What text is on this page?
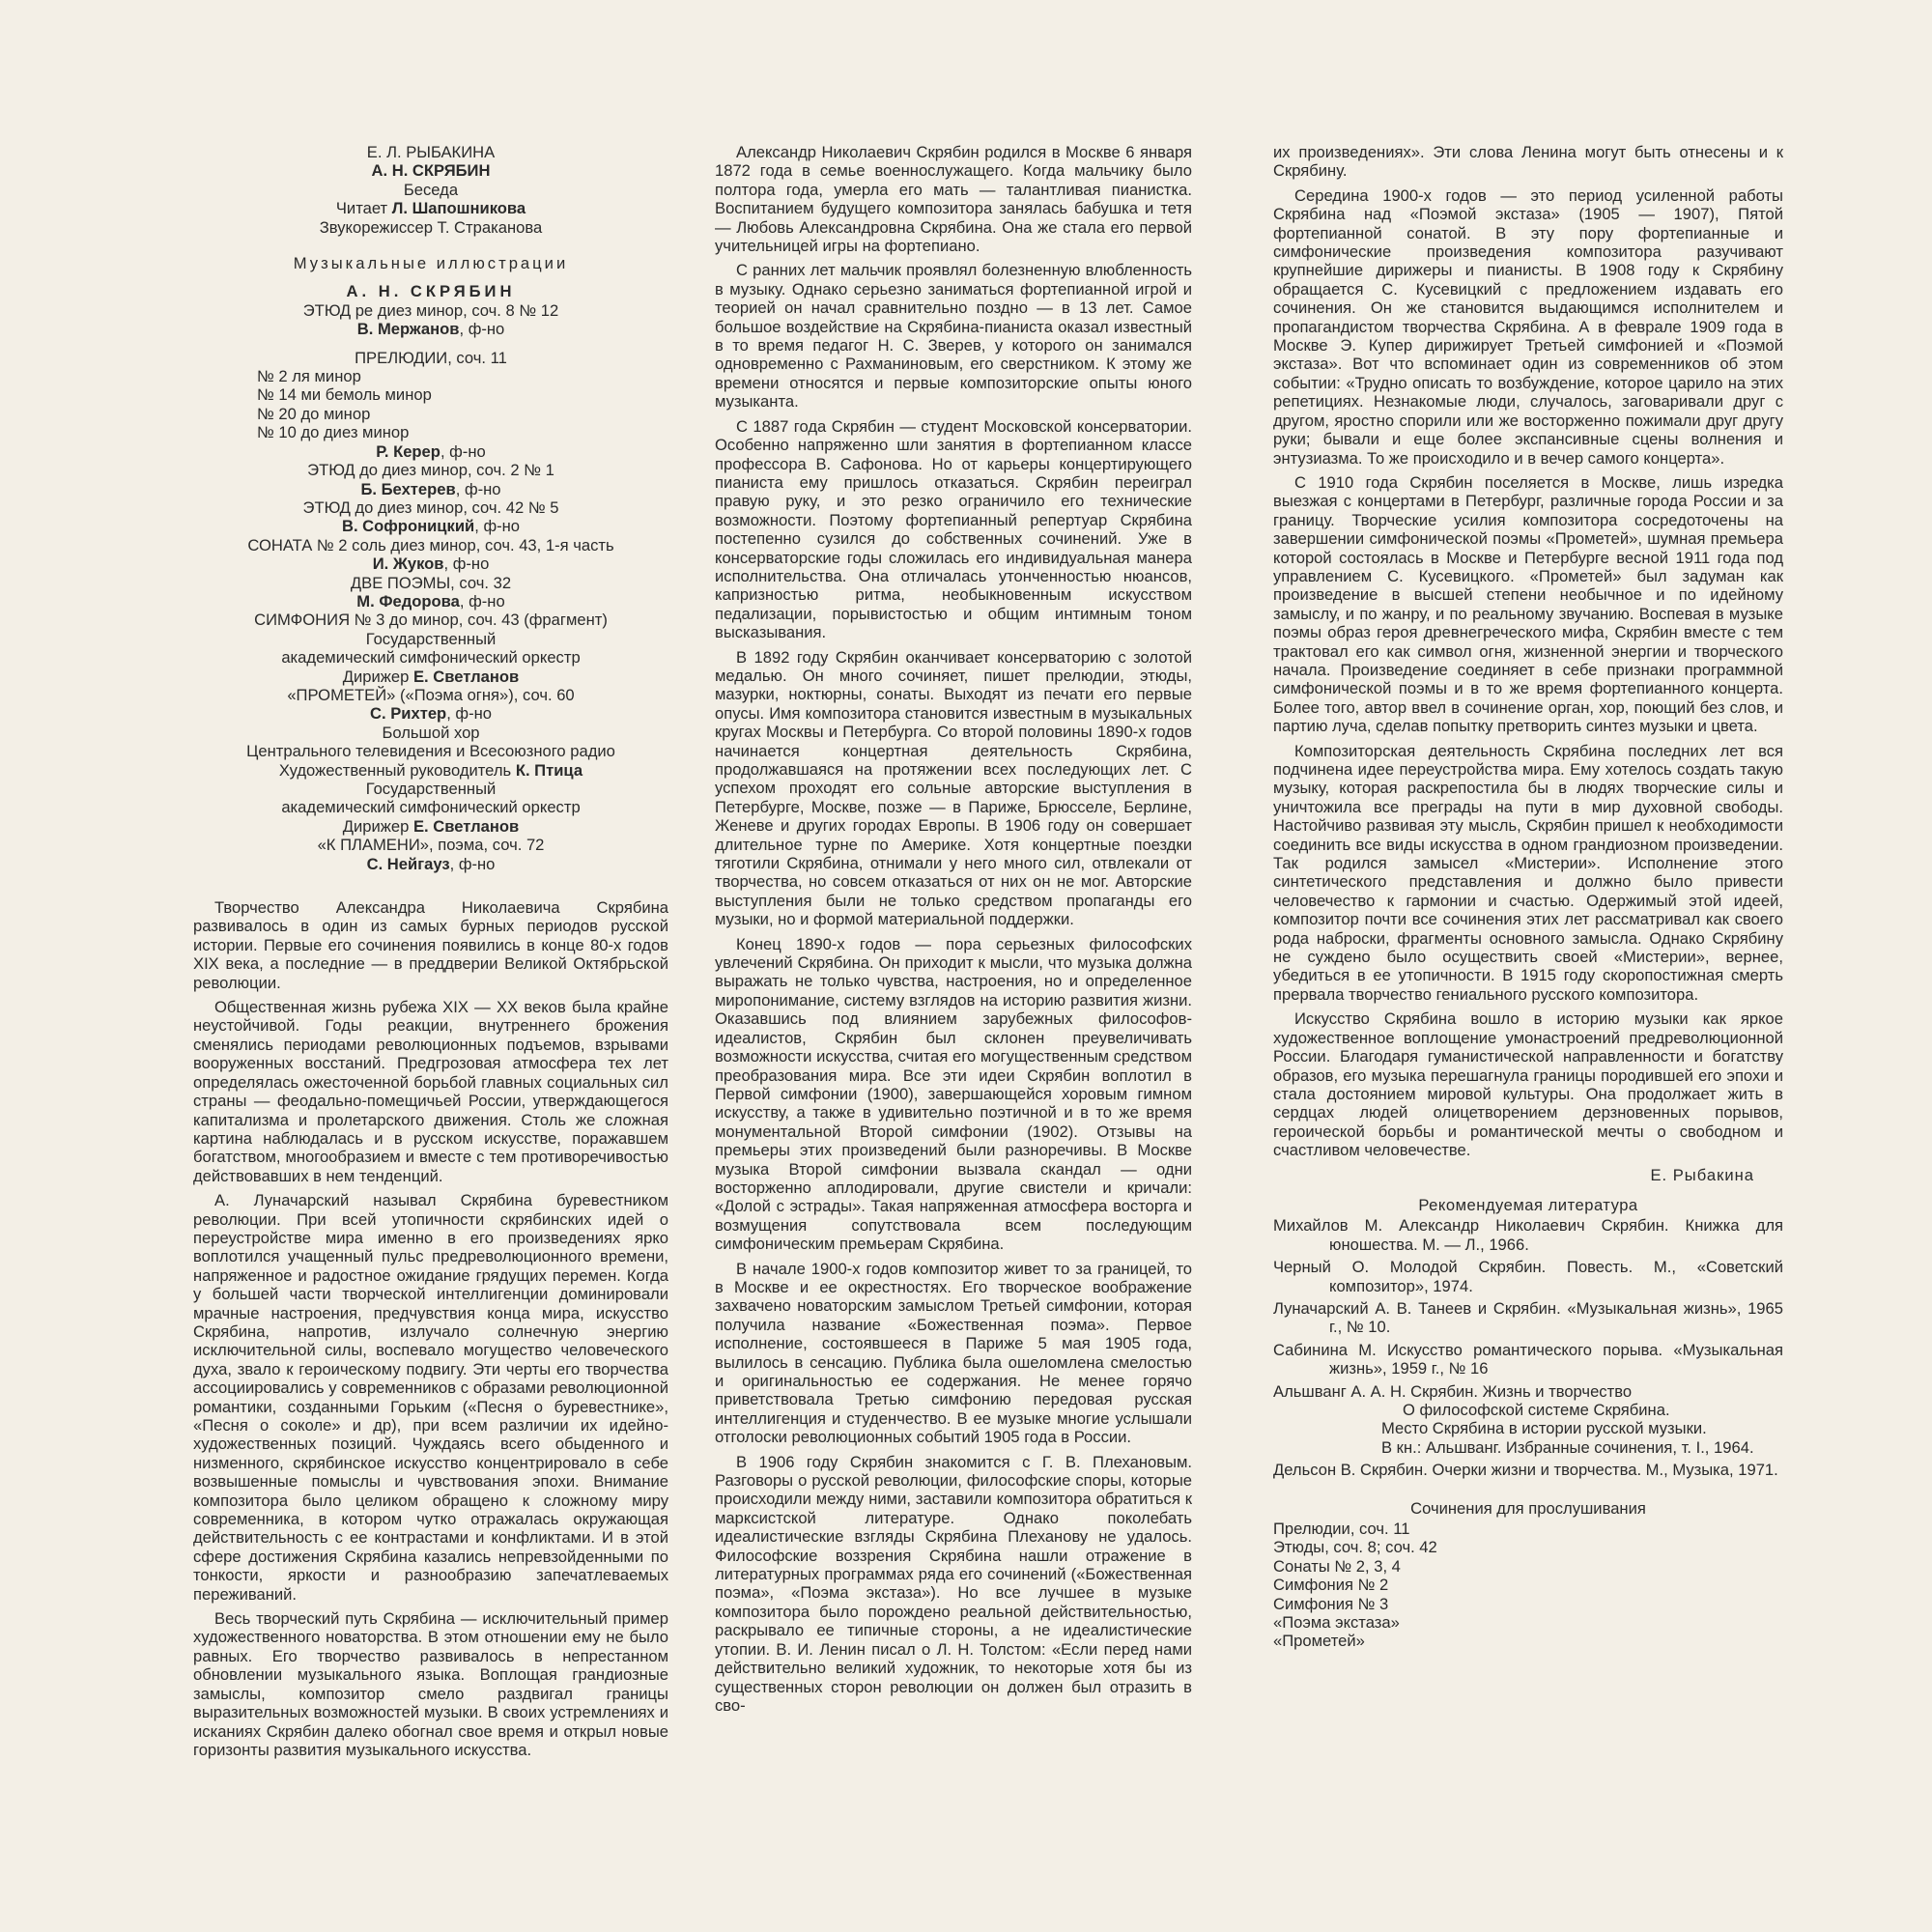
Е. Л. РЫБАКИНА
А. Н. СКРЯБИН
Беседа
Читает Л. Шапошникова
Звукорежиссер Т. Страканова
Музыкальные иллюстрации
А. Н. СКРЯБИН
ЭТЮД ре диез минор, соч. 8 № 12
В. Мержанов, ф-но
ПРЕЛЮДИИ, соч. 11
№ 2 ля минор
№ 14 ми бемоль минор
№ 20 до минор
№ 10 до диез минор
Р. Керер, ф-но
ЭТЮД до диез минор, соч. 2 № 1
Б. Бехтерев, ф-но
ЭТЮД до диез минор, соч. 42 № 5
В. Софроницкий, ф-но
СОНАТА № 2 соль диез минор, соч. 43, 1-я часть
И. Жуков, ф-но
ДВЕ ПОЭМЫ, соч. 32
М. Федорова, ф-но
СИМФОНИЯ № 3 до минор, соч. 43 (фрагмент)
Государственный
академический симфонический оркестр
Дирижер Е. Светланов
«ПРОМЕТЕЙ» («Поэма огня»), соч. 60
С. Рихтер, ф-но
Большой хор
Центрального телевидения и Всесоюзного радио
Художественный руководитель К. Птица
Государственный
академический симфонический оркестр
Дирижер Е. Светланов
«К ПЛАМЕНИ», поэма, соч. 72
С. Нейгауз, ф-но

Творчество Александра Николаевича Скрябина развивалось в один из самых бурных периодов русской истории. Первые его сочинения появились в конце 80-х годов XIX века, а последние — в преддверии Великой Октябрьской революции.

Общественная жизнь рубежа XIX — XX веков была крайне неустойчивой. Годы реакции, внутреннего брожения сменялись периодами революционных подъемов, взрывами вооруженных восстаний. Предгрозовая атмосфера тех лет определялась ожесточенной борьбой главных социальных сил страны — феодально-помещичьей России, утверждающегося капитализма и пролетарского движения. Столь же сложная картина наблюдалась и в русском искусстве, поражавшем богатством, многообразием и вместе с тем противоречивостью действовавших в нем тенденций.

А. Луначарский называл Скрябина буревестником революции. При всей утопичности скрябинских идей о переустройстве мира именно в его произведениях ярко воплотился учащенный пульс предреволюционного времени, напряженное и радостное ожидание грядущих перемен. Когда у большей части творческой интеллигенции доминировали мрачные настроения, предчувствия конца мира, искусство Скрябина, напротив, излучало солнечную энергию исключительной силы, воспевало могущество человеческого духа, звало к героическому подвигу. Эти черты его творчества ассоциировались у современников с образами революционной романтики, созданными Горьким («Песня о буревестнике», «Песня о соколе» и др), при всем различии их идейно-художественных позиций. Чуждаясь всего обыденного и низменного, скрябинское искусство концентрировало в себе возвышенные помыслы и чувствования эпохи. Внимание композитора было целиком обращено к сложному миру современника, в котором чутко отражалась окружающая действительность с ее контрастами и конфликтами. И в этой сфере достижения Скрябина казались непревзойденными по тонкости, яркости и разнообразию запечатлеваемых переживаний.

Весь творческий путь Скрябина — исключительный пример художественного новаторства. В этом отношении ему не было равных. Его творчество развивалось в непрестанном обновлении музыкального языка. Воплощая грандиозные замыслы, композитор смело раздвигал границы выразительных возможностей музыки. В своих устремлениях и исканиях Скрябин далеко обогнал свое время и открыл новые горизонты развития музыкального искусства.

Александр Николаевич Скрябин родился в Москве 6 января 1872 года в семье военнослужащего. Когда мальчику было полтора года, умерла его мать — талантливая пианистка. Воспитанием будущего композитора занялась бабушка и тетя — Любовь Александровна Скрябина. Она же стала его первой учительницей игры на фортепиано.

С ранних лет мальчик проявлял болезненную влюбленность в музыку. Однако серьезно заниматься фортепианной игрой и теорией он начал сравнительно поздно — в 13 лет. Самое большое воздействие на Скрябина-пианиста оказал известный в то время педагог Н. С. Зверев, у которого он занимался одновременно с Рахманиновым, его сверстником. К этому же времени относятся и первые композиторские опыты юного музыканта.

С 1887 года Скрябин — студент Московской консерватории. Особенно напряженно шли занятия в фортепианном классе профессора В. Сафонова. Но от карьеры концертирующего пианиста ему пришлось отказаться. Скрябин переиграл правую руку, и это резко ограничило его технические возможности. Поэтому фортепианный репертуар Скрябина постепенно сузился до собственных сочинений. Уже в консерваторские годы сложилась его индивидуальная манера исполнительства. Она отличалась утонченностью нюансов, капризностью ритма, необыкновенным искусством педализации, порывистостью и общим интимным тоном высказывания.

В 1892 году Скрябин оканчивает консерваторию с золотой медалью. Он много сочиняет, пишет прелюдии, этюды, мазурки, ноктюрны, сонаты. Выходят из печати его первые опусы. Имя композитора становится известным в музыкальных кругах Москвы и Петербурга. Со второй половины 1890-х годов начинается концертная деятельность Скрябина, продолжавшаяся на протяжении всех последующих лет. С успехом проходят его сольные авторские выступления в Петербурге, Москве, позже — в Париже, Брюсселе, Берлине, Женеве и других городах Европы. В 1906 году он совершает длительное турне по Америке. Хотя концертные поездки тяготили Скрябина, отнимали у него много сил, отвлекали от творчества, но совсем отказаться от них он не мог. Авторские выступления были не только средством пропаганды его музыки, но и формой материальной поддержки.

Конец 1890-х годов — пора серьезных философских увлечений Скрябина. Он приходит к мысли, что музыка должна выражать не только чувства, настроения, но и определенное миропонимание, систему взглядов на историю развития жизни. Оказавшись под влиянием зарубежных философов-идеалистов, Скрябин был склонен преувеличивать возможности искусства, считая его могущественным средством преобразования мира. Все эти идеи Скрябин воплотил в Первой симфонии (1900), завершающейся хоровым гимном искусству, а также в удивительно поэтичной и в то же время монументальной Второй симфонии (1902). Отзывы на премьеры этих произведений были разноречивы. В Москве музыка Второй симфонии вызвала скандал — одни восторженно аплодировали, другие свистели и кричали: «Долой с эстрады». Такая напряженная атмосфера восторга и возмущения сопутствовала всем последующим симфоническим премьерам Скрябина.

В начале 1900-х годов композитор живет то за границей, то в Москве и ее окрестностях. Его творческое воображение захвачено новаторским замыслом Третьей симфонии, которая получила название «Божественная поэма». Первое исполнение, состоявшееся в Париже 5 мая 1905 года, вылилось в сенсацию. Публика была ошеломлена смелостью и оригинальностью ее содержания. Не менее горячо приветствовала Третью симфонию передовая русская интеллигенция и студенчество. В ее музыке многие услышали отголоски революционных событий 1905 года в России.

В 1906 году Скрябин знакомится с Г. В. Плехановым. Разговоры о русской революции, философские споры, которые происходили между ними, заставили композитора обратиться к марксистской литературе. Однако поколебать идеалистические взгляды Скрябина Плеханову не удалось. Философские воззрения Скрябина нашли отражение в литературных программах ряда его сочинений («Божественная поэма», «Поэма экстаза»). Но все лучшее в музыке композитора было порождено реальной действительностью, раскрывало ее типичные стороны, а не идеалистические утопии. В. И. Ленин писал о Л. Н. Толстом: «Если перед нами действительно великий художник, то некоторые хотя бы из существенных сторон революции он должен был отразить в сво-

их произведениях». Эти слова Ленина могут быть отнесены и к Скрябину.

Середина 1900-х годов — это период усиленной работы Скрябина над «Поэмой экстаза» (1905 — 1907), Пятой фортепианной сонатой. В эту пору фортепианные и симфонические произведения композитора разучивают крупнейшие дирижеры и пианисты. В 1908 году к Скрябину обращается С. Кусевицкий с предложением издавать его сочинения. Он же становится выдающимся исполнителем и пропагандистом творчества Скрябина. А в феврале 1909 года в Москве Э. Купер дирижирует Третьей симфонией и «Поэмой экстаза». Вот что вспоминает один из современников об этом событии: «Трудно описать то возбуждение, которое царило на этих репетициях. Незнакомые люди, случалось, заговаривали друг с другом, яростно спорили или же восторженно пожимали друг другу руки; бывали и еще более экспансивные сцены волнения и энтузиазма. То же происходило и в вечер самого концерта».

С 1910 года Скрябин поселяется в Москве, лишь изредка выезжая с концертами в Петербург, различные города России и за границу. Творческие усилия композитора сосредоточены на завершении симфонической поэмы «Прометей», шумная премьера которой состоялась в Москве и Петербурге весной 1911 года под управлением С. Кусевицкого. «Прометей» был задуман как произведение в высшей степени необычное и по идейному замыслу, и по жанру, и по реальному звучанию. Воспевая в музыке поэмы образ героя древнегреческого мифа, Скрябин вместе с тем трактовал его как символ огня, жизненной энергии и творческого начала. Произведение соединяет в себе признаки программной симфонической поэмы и в то же время фортепианного концерта. Более того, автор ввел в сочинение орган, хор, поющий без слов, и партию луча, сделав попытку претворить синтез музыки и цвета.

Композиторская деятельность Скрябина последних лет вся подчинена идее переустройства мира. Ему хотелось создать такую музыку, которая раскрепостила бы в людях творческие силы и уничтожила все преграды на пути в мир духовной свободы. Настойчиво развивая эту мысль, Скрябин пришел к необходимости соединить все виды искусства в одном грандиозном произведении. Так родился замысел «Мистерии». Исполнение этого синтетического представления и должно было привести человечество к гармонии и счастью. Одержимый этой идеей, композитор почти все сочинения этих лет рассматривал как своего рода наброски, фрагменты основного замысла. Однако Скрябину не суждено было осуществить своей «Мистерии», вернее, убедиться в ее утопичности. В 1915 году скоропостижная смерть прервала творчество гениального русского композитора.

Искусство Скрябина вошло в историю музыки как яркое художественное воплощение умонастроений предреволюционной России. Благодаря гуманистической направленности и богатству образов, его музыка перешагнула границы породившей его эпохи и стала достоянием мировой культуры. Она продолжает жить в сердцах людей олицетворением дерзновенных порывов, героической борьбы и романтической мечты о свободном и счастливом человечестве.

Е. Рыбакина

Рекомендуемая литература

Михайлов М. Александр Николаевич Скрябин. Книжка для юношества. М. — Л., 1966.

Черный О. Молодой Скрябин. Повесть. М., «Советский композитор», 1974.

Луначарский А. В. Танеев и Скрябин. «Музыкальная жизнь», 1965 г., № 10.

Сабинина М. Искусство романтического порыва. «Музыкальная жизнь», 1959 г., № 16

Альшванг А. А. Н. Скрябин. Жизнь и творчество

О философской системе Скрябина.

Место Скрябина в истории русской музыки.

В кн.: Альшванг. Избранные сочинения, т. I., 1964.

Дельсон В. Скрябин. Очерки жизни и творчества. М., Музыка, 1971.

Сочинения для прослушивания
Прелюдии, соч. 11
Этюды, соч. 8; соч. 42
Сонаты № 2, 3, 4
Симфония № 2
Симфония № 3
«Поэма экстаза»
«Прометей»
